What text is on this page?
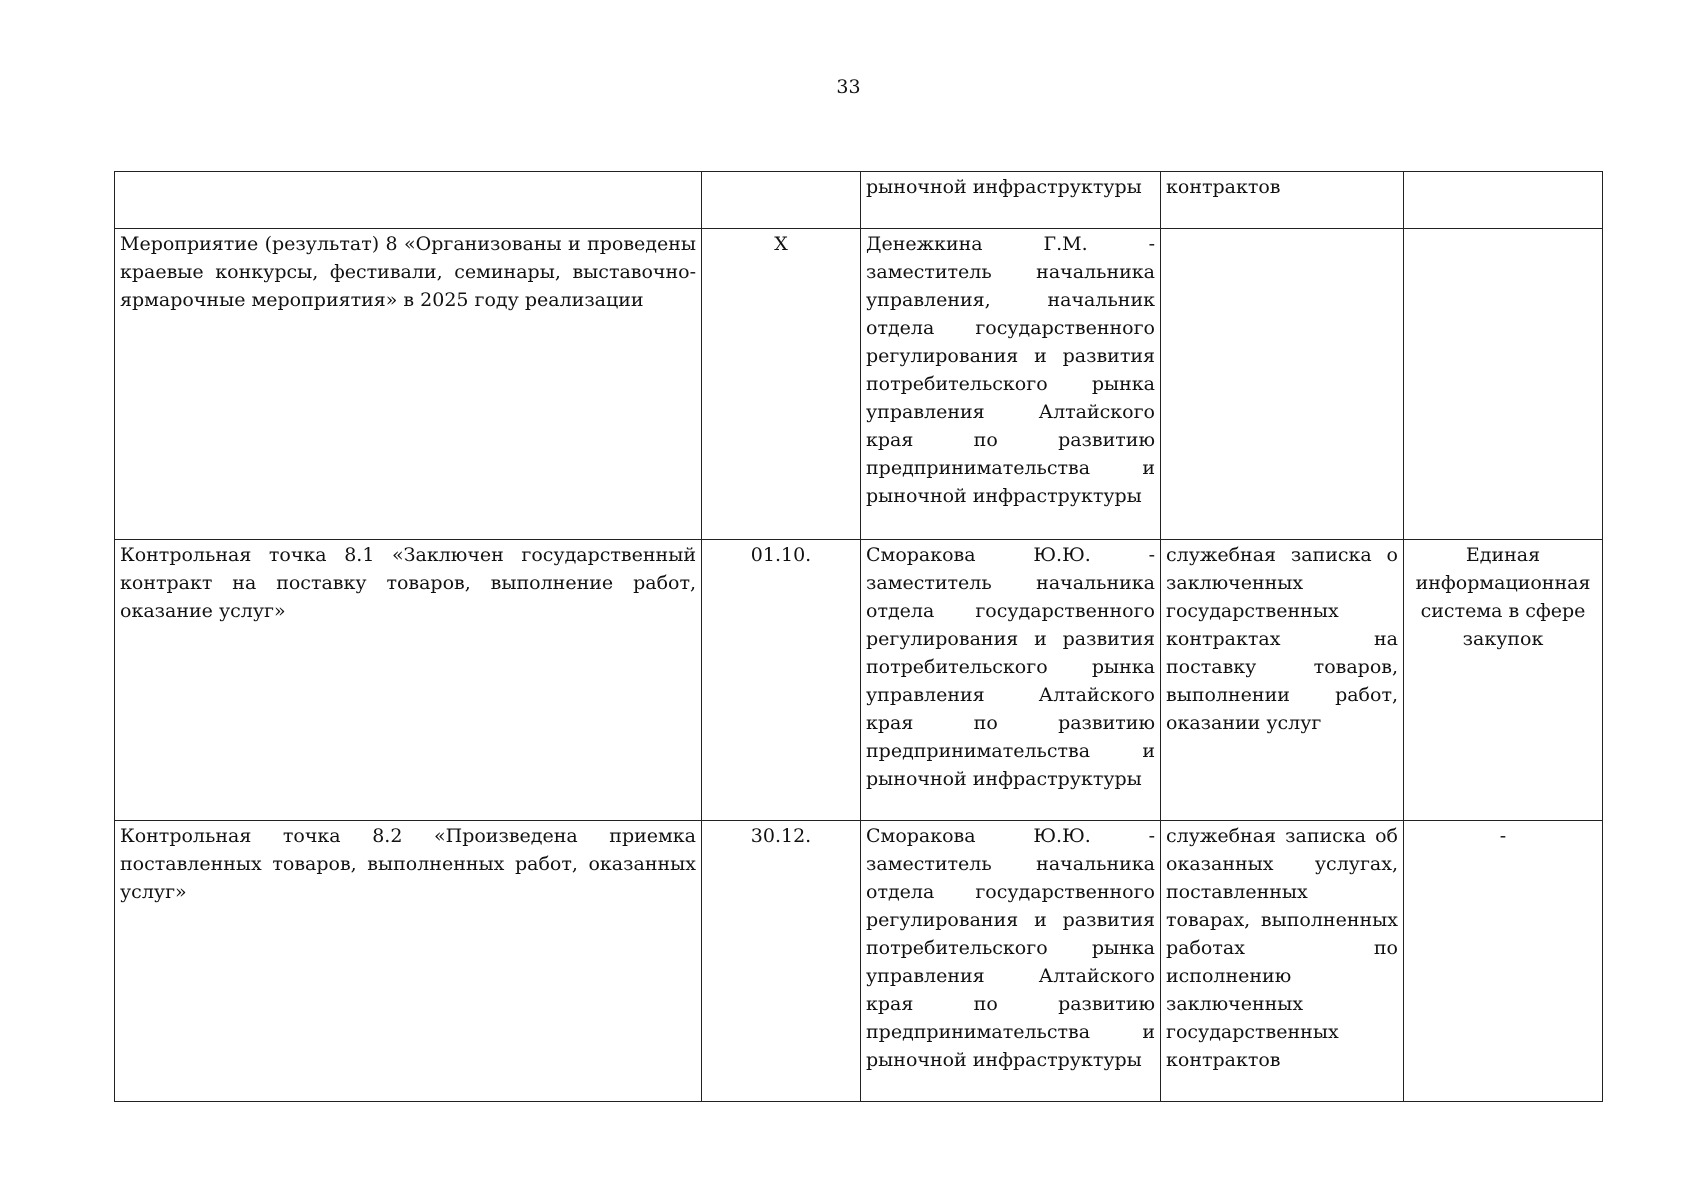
33
		рыночной инфраструктуры	контрактов	
Мероприятие (результат) 8 «Организованы и проведены краевые конкурсы, фестивали, семинары, выставочно-ярмарочные мероприятия» в 2025 году реализации	Х	Денежкина Г.М. - заместитель начальника управления, начальник отдела государственного регулирования и развития потребительского рынка управления Алтайского края по развитию предпринимательства и рыночной инфраструктуры		
Контрольная точка 8.1 «Заключен государственный контракт на поставку товаров, выполнение работ, оказание услуг»	01.10.	Сморакова Ю.Ю. - заместитель начальника отдела государственного регулирования и развития потребительского рынка управления Алтайского края по развитию предпринимательства и рыночной инфраструктуры	служебная записка о заключенных государственных контрактах на поставку товаров, выполнении работ, оказании услуг	Единая информационная система в сфере закупок
Контрольная точка 8.2 «Произведена приемка поставленных товаров, выполненных работ, оказанных услуг»	30.12.	Сморакова Ю.Ю. - заместитель начальника отдела государственного регулирования и развития потребительского рынка управления Алтайского края по развитию предпринимательства и рыночной инфраструктуры	служебная записка об оказанных услугах, поставленных товарах, выполненных работах по исполнению заключенных государственных контрактов	-
